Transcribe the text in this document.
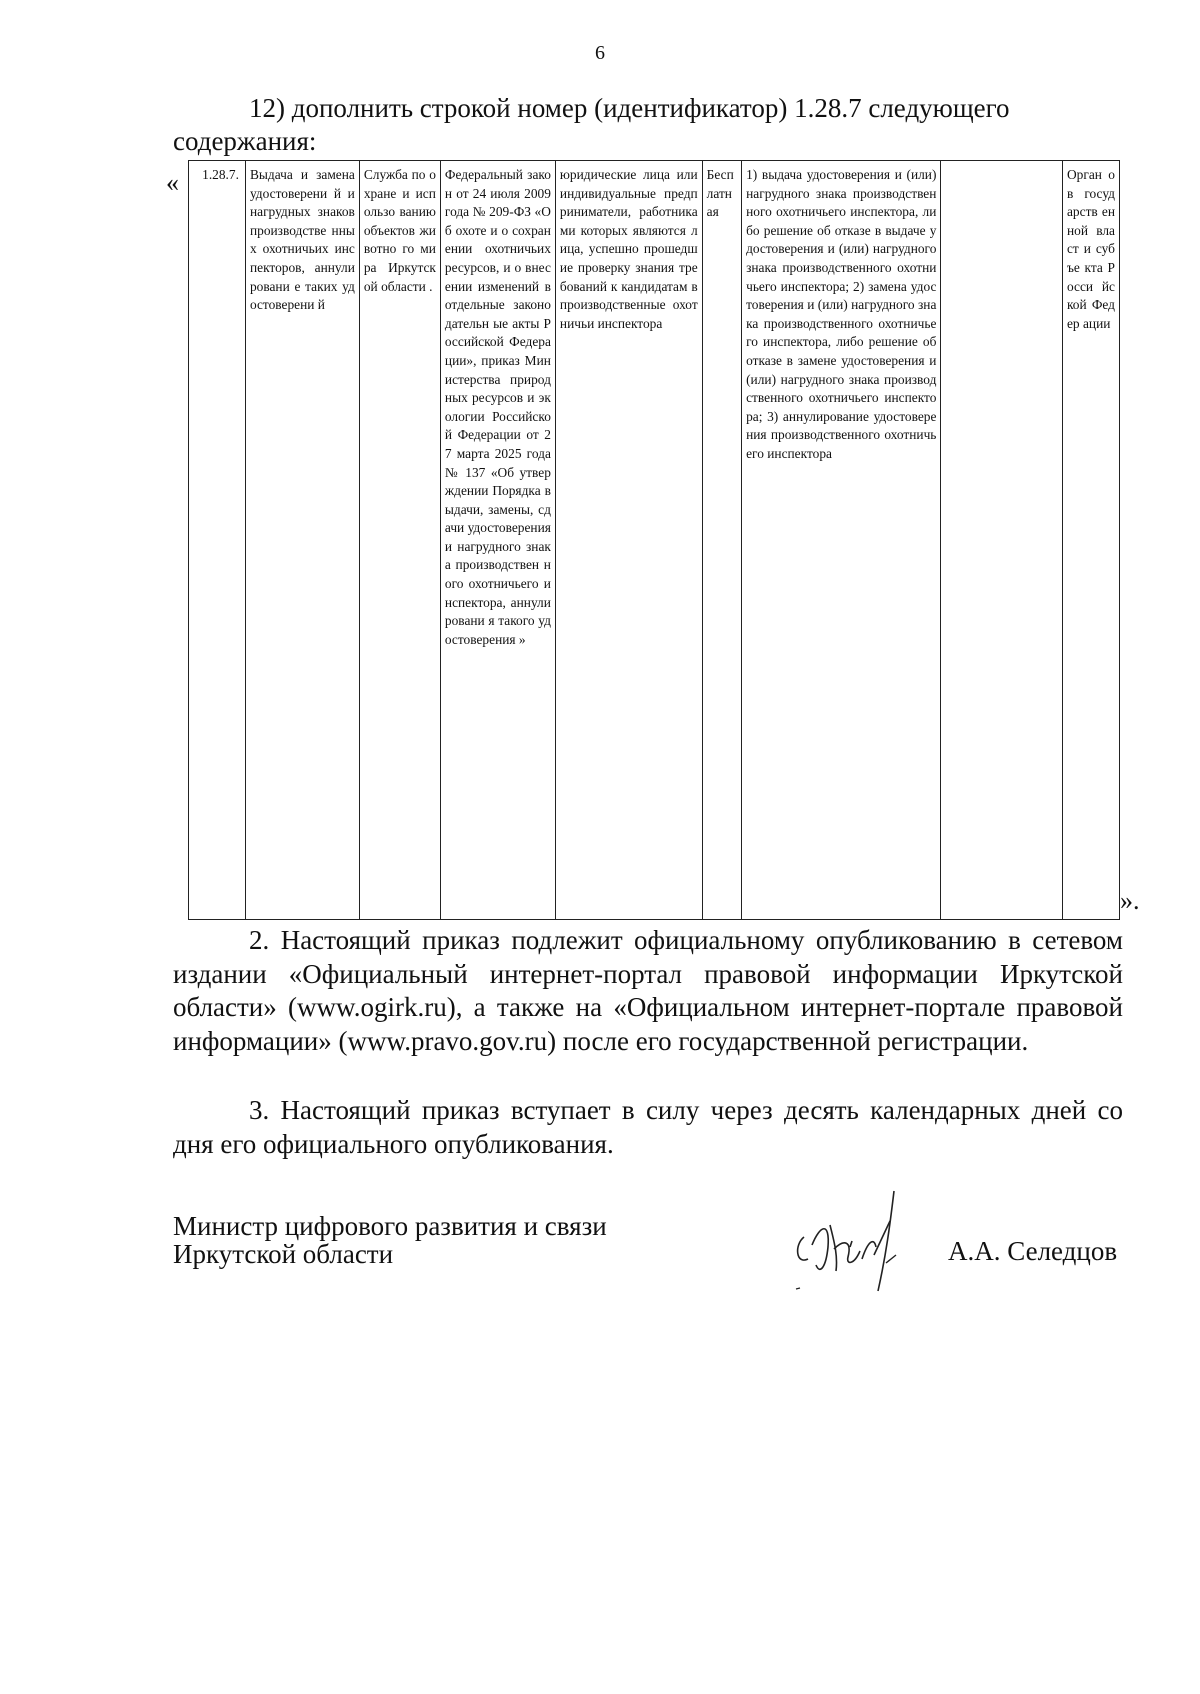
6
12) дополнить строкой номер (идентификатор) 1.28.7 следующего
содержания:
« 1.28.7.	Выдача и замена удостоверени й и нагрудных знаков производстве нных охотничьих инспекторов, аннулировани е таких удостоверени й	Служба по охране и использо ванию объектов животно го мира Иркутск ой области .	Федеральный закон от 24 июля 2009 года № 209-ФЗ «Об охоте и о сохранении охотничьих ресурсов, и о внесении изменений в отдельные законодательн ые акты Российской Федерации», приказ Министерства природных ресурсов и экологии Российской Федерации от 27 марта 2025 года № 137 «Об утверждении Порядка выдачи, замены, сдачи удостоверения и нагрудного знака производствен ного охотничьего инспектора, аннулировани я такого удостоверения »	юридические лица или индивидуальные предприниматели, работниками которых являются лица, успешно прошедшие проверку знания требований к кандидатам в производственные охотничьи инспектора	Бесп латн ая	1) выдача удостоверения и (или) нагрудного знака производственного охотничьего инспектора, либо решение об отказе в выдаче удостоверения и (или) нагрудного знака производственного охотничьего инспектора; 2) замена удостоверения и (или) нагрудного знака производственного охотничьего инспектора, либо решение об отказе в замене удостоверения и (или) нагрудного знака производственного охотничьего инспектора; 3) аннулирование удостоверения производственного охотничьего инспектора		Орган ов госуд арств енной власт и субъе кта Росси йской Федер ации
».
2. Настоящий приказ подлежит официальному опубликованию в сетевом издании «Официальный интернет-портал правовой информации Иркутской области» (www.ogirk.ru), а также на «Официальном интернет-портале правовой информации» (www.pravo.gov.ru) после его государственной регистрации.
3. Настоящий приказ вступает в силу через десять календарных дней со дня его официального опубликования.
Министр цифрового развития и связи
Иркутской области	А.А. Селедцов
